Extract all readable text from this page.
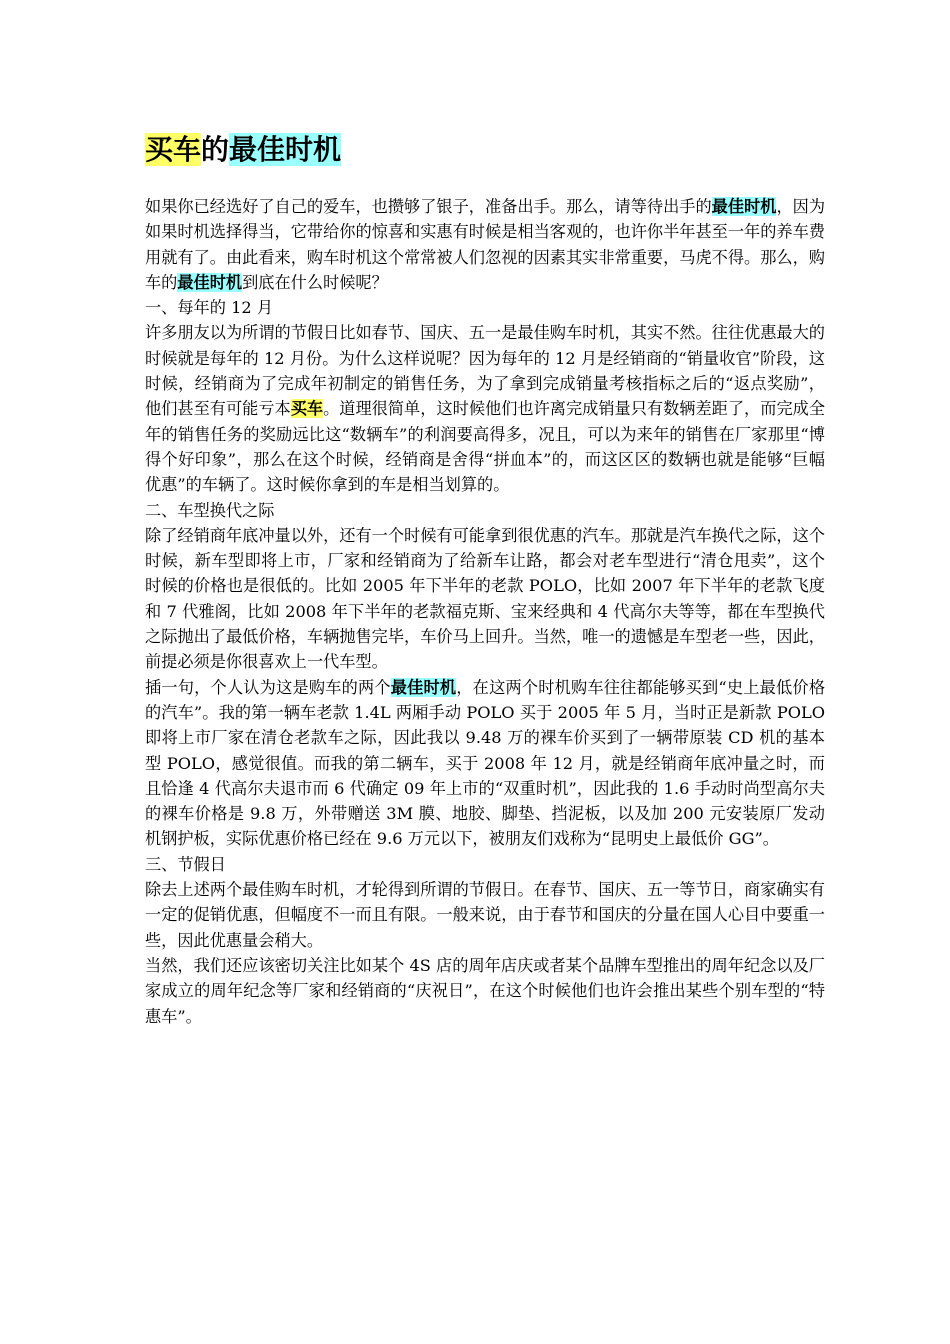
买车的最佳时机

如果你已经选好了自己的爱车，也攒够了银子，准备出手。那么，请等待出手的最佳时机，因为如果时机选择得当，它带给你的惊喜和实惠有时候是相当客观的，也许你半年甚至一年的养车费用就有了。由此看来，购车时机这个常常被人们忽视的因素其实非常重要，马虎不得。那么，购车的最佳时机到底在什么时候呢？

一、每年的 12 月

许多朋友以为所谓的节假日比如春节、国庆、五一是最佳购车时机，其实不然。往往优惠最大的时候就是每年的 12 月份。为什么这样说呢？因为每年的 12 月是经销商的“销量收官”阶段，这时候，经销商为了完成年初制定的销售任务，为了拿到完成销量考核指标之后的“返点奖励”，他们甚至有可能亏本买车。道理很简单，这时候他们也许离完成销量只有数辆差距了，而完成全年的销售任务的奖励远比这“数辆车”的利润要高得多，况且，可以为来年的销售在厂家那里“博得个好印象”，那么在这个时候，经销商是舍得“拼血本”的，而这区区的数辆也就是能够“巨幅优惠”的车辆了。这时候你拿到的车是相当划算的。

二、车型换代之际

除了经销商年底冲量以外，还有一个时候有可能拿到很优惠的汽车。那就是汽车换代之际，这个时候，新车型即将上市，厂家和经销商为了给新车让路，都会对老车型进行“清仓甩卖”，这个时候的价格也是很低的。比如 2005 年下半年的老款 POLO，比如 2007 年下半年的老款飞度和 7 代雅阁，比如 2008 年下半年的老款福克斯、宝来经典和 4 代高尔夫等等，都在车型换代之际抛出了最低价格，车辆抛售完毕，车价马上回升。当然，唯一的遗憾是车型老一些，因此，前提必须是你很喜欢上一代车型。

插一句，个人认为这是购车的两个最佳时机，在这两个时机购车往往都能够买到“史上最低价格的汽车”。我的第一辆车老款 1.4L 两厢手动 POLO 买于 2005 年 5 月，当时正是新款 POLO 即将上市厂家在清仓老款车之际，因此我以 9.48 万的裸车价买到了一辆带原装 CD 机的基本型 POLO，感觉很值。而我的第二辆车，买于 2008 年 12 月，就是经销商年底冲量之时，而且恰逢 4 代高尔夫退市而 6 代确定 09 年上市的“双重时机”，因此我的 1.6 手动时尚型高尔夫的裸车价格是 9.8 万，外带赠送 3M 膜、地胶、脚垫、挡泥板，以及加 200 元安装原厂发动机钢护板，实际优惠价格已经在 9.6 万元以下，被朋友们戏称为“昆明史上最低价 GG”。

三、节假日

除去上述两个最佳购车时机，才轮得到所谓的节假日。在春节、国庆、五一等节日，商家确实有一定的促销优惠，但幅度不一而且有限。一般来说，由于春节和国庆的分量在国人心目中要重一些，因此优惠量会稍大。

当然，我们还应该密切关注比如某个 4S 店的周年店庆或者某个品牌车型推出的周年纪念以及厂家成立的周年纪念等厂家和经销商的“庆祝日”，在这个时候他们也许会推出某些个别车型的“特惠车”。
